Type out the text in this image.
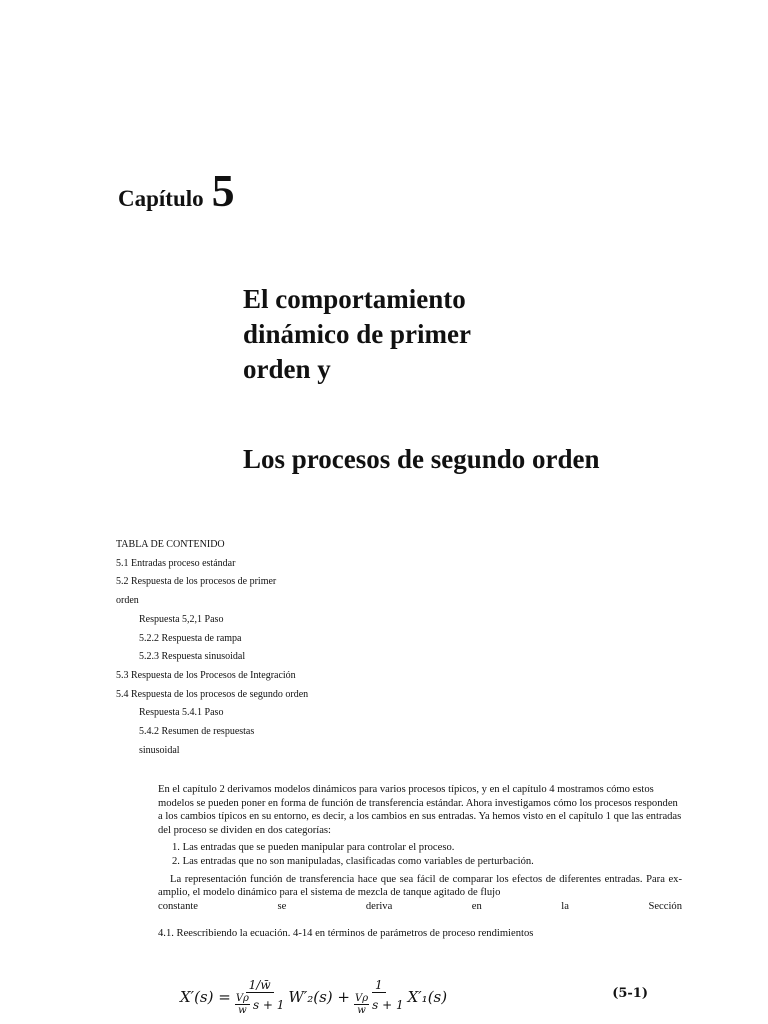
Capítulo 5
El comportamiento
dinámico de primer
orden y
Los procesos de segundo orden
TABLA DE CONTENIDO
5.1 Entradas proceso estándar
5.2 Respuesta de los procesos de primer
orden
Respuesta 5,2,1 Paso
5.2.2 Respuesta de rampa
5.2.3 Respuesta sinusoidal
5.3 Respuesta de los Procesos de Integración
5.4 Respuesta de los procesos de segundo orden
Respuesta 5.4.1 Paso
5.4.2 Resumen de respuestas
sinusoidal

En el capítulo 2 derivamos modelos dinámicos para varios procesos típicos, y en el capítulo 4 mostramos cómo estos modelos se pueden poner en forma de función de transferencia estándar. Ahora investigamos cómo los procesos responden a los cambios típicos en su entorno, es decir, a los cambios en sus entradas. Ya hemos visto en el capítulo 1 que las entradas del proceso se dividen en dos categorías:

1. Las entradas que se pueden manipular para controlar el proceso.

2. Las entradas que no son manipuladas, clasificadas como variables de perturbación.

La representación función de transferencia hace que sea fácil de comparar los efectos de diferentes entradas. Para ex-amplio, el modelo dinámico para el sistema de mezcla de tanque agitado de flujo

constante se deriva en la Sección

4.1. Reescribiendo la ecuación. 4-14 en términos de parámetros de proceso rendimientos

$X'(s) = \frac{1/w̄}{\frac{V\rho}{w} s + 1} W'_2(s) + \frac{1}{\frac{V\rho}{w} s + 1} X'_1(s)$	(5-1)
